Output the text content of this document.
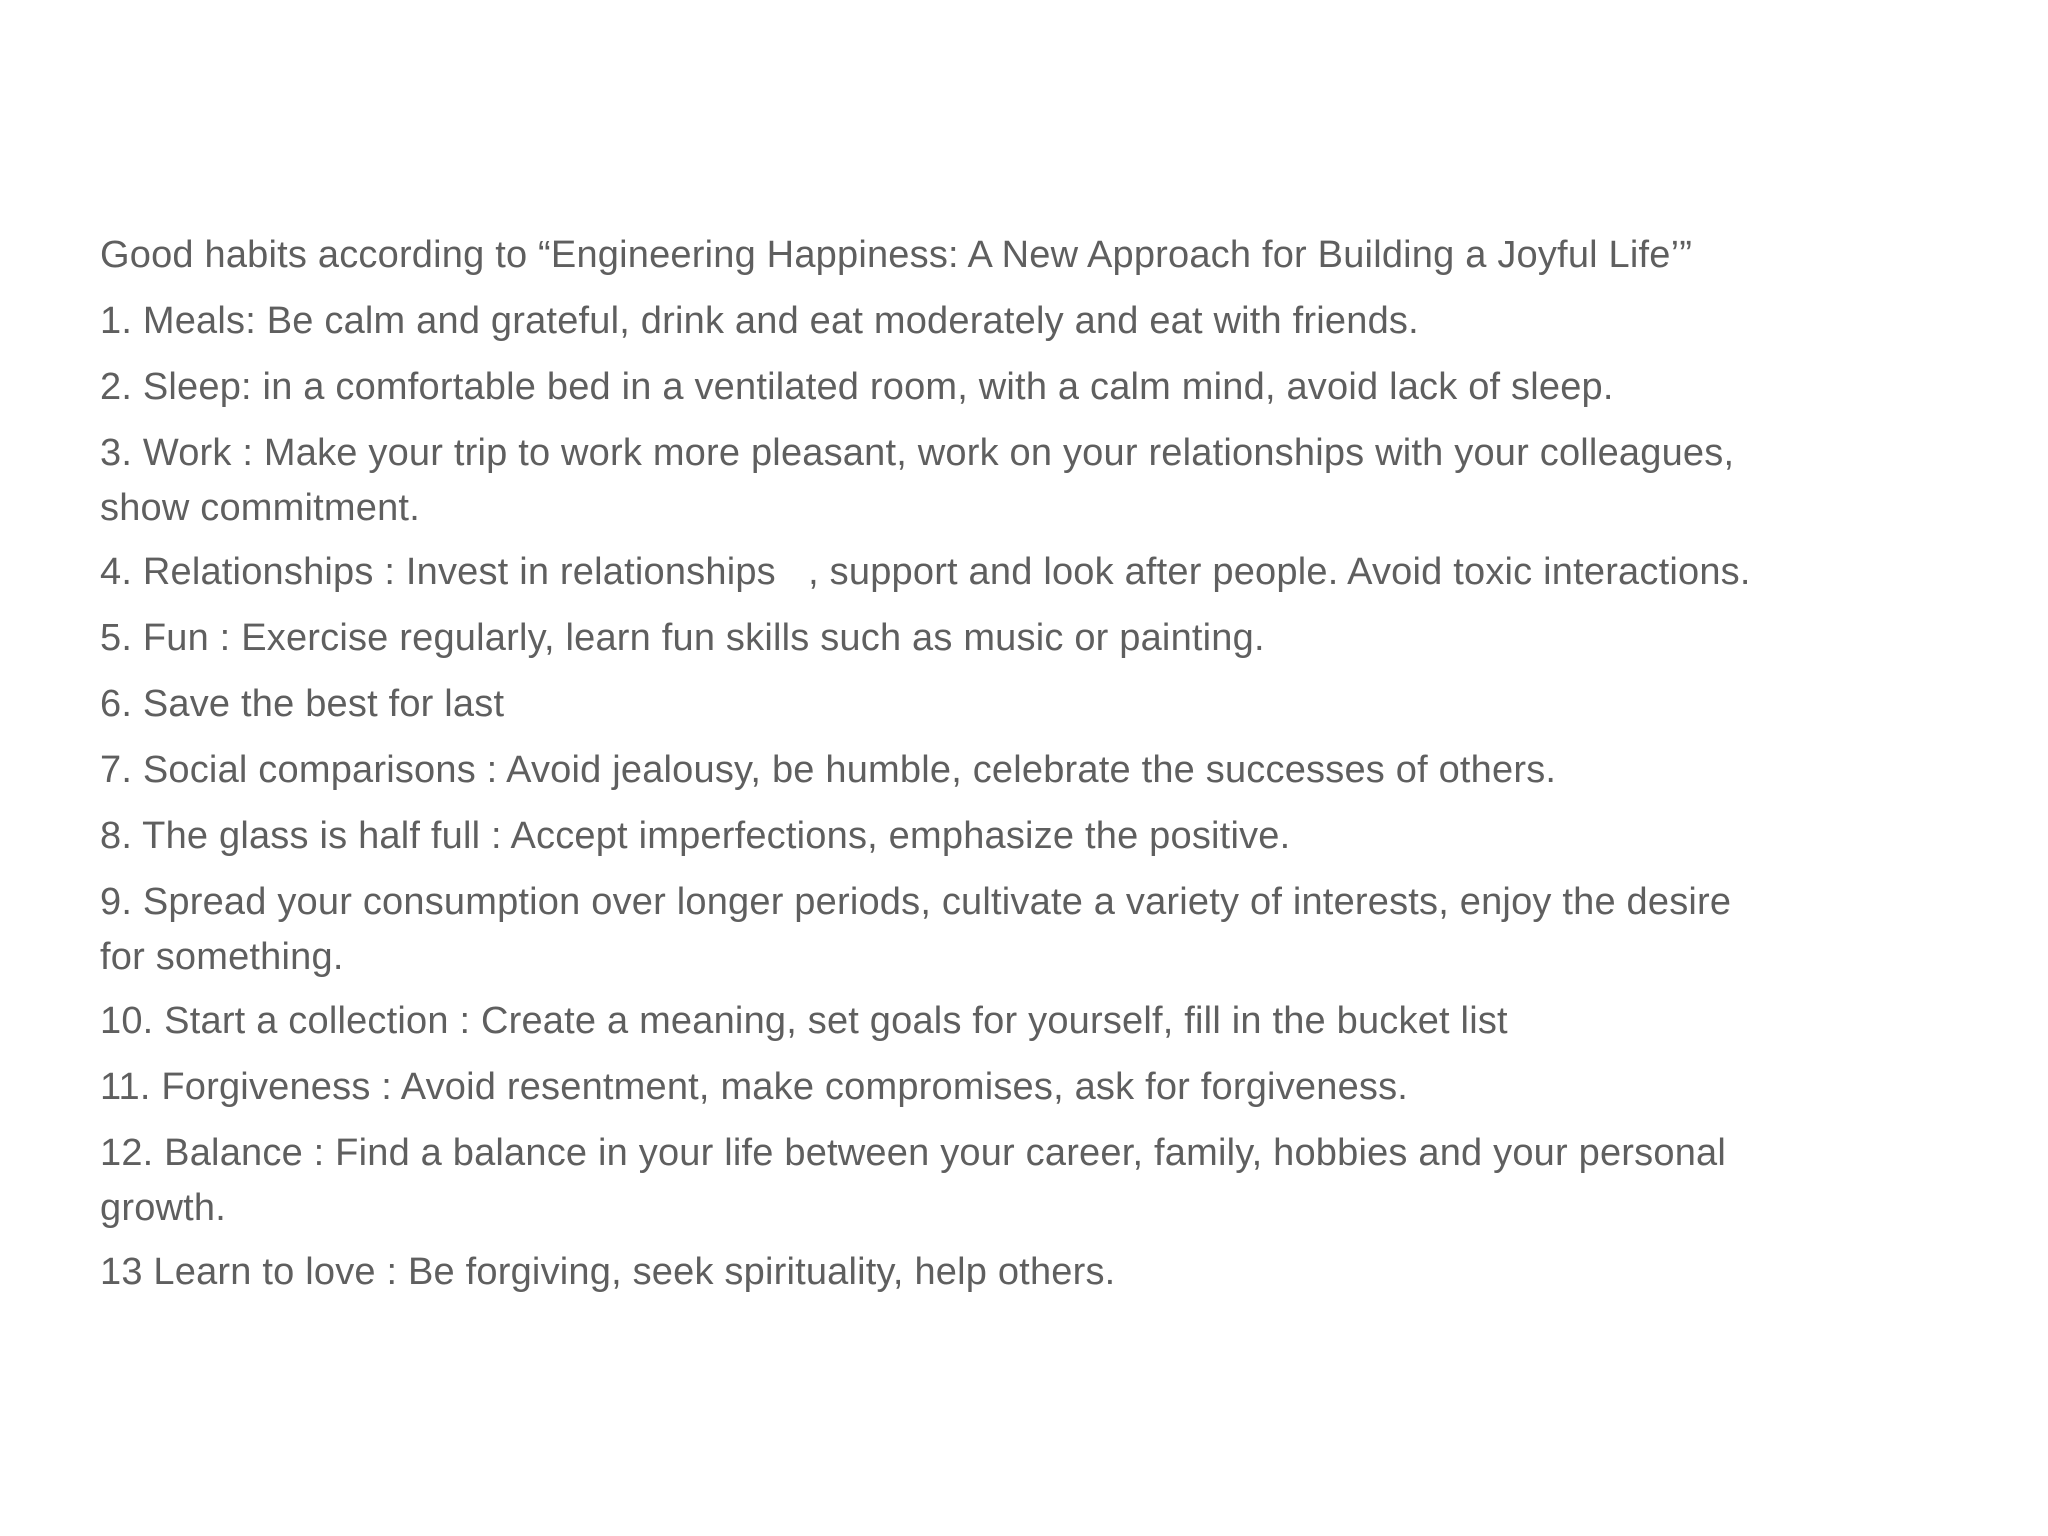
Good habits according to “Engineering Happiness: A New Approach for Building a Joyful Life’”
1. Meals: Be calm and grateful, drink and eat moderately and eat with friends.
2. Sleep: in a comfortable bed in a ventilated room, with a calm mind, avoid lack of sleep.
3. Work : Make your trip to work more pleasant, work on your relationships with your colleagues,
show commitment.
4. Relationships : Invest in relationships   , support and look after people. Avoid toxic interactions.
5. Fun : Exercise regularly, learn fun skills such as music or painting.
6. Save the best for last
7. Social comparisons : Avoid jealousy, be humble, celebrate the successes of others.
8. The glass is half full : Accept imperfections, emphasize the positive.
9. Spread your consumption over longer periods, cultivate a variety of interests, enjoy the desire
for something.
10. Start a collection : Create a meaning, set goals for yourself, fill in the bucket list
11. Forgiveness : Avoid resentment, make compromises, ask for forgiveness.
12. Balance : Find a balance in your life between your career, family, hobbies and your personal
growth.
13 Learn to love : Be forgiving, seek spirituality, help others.
